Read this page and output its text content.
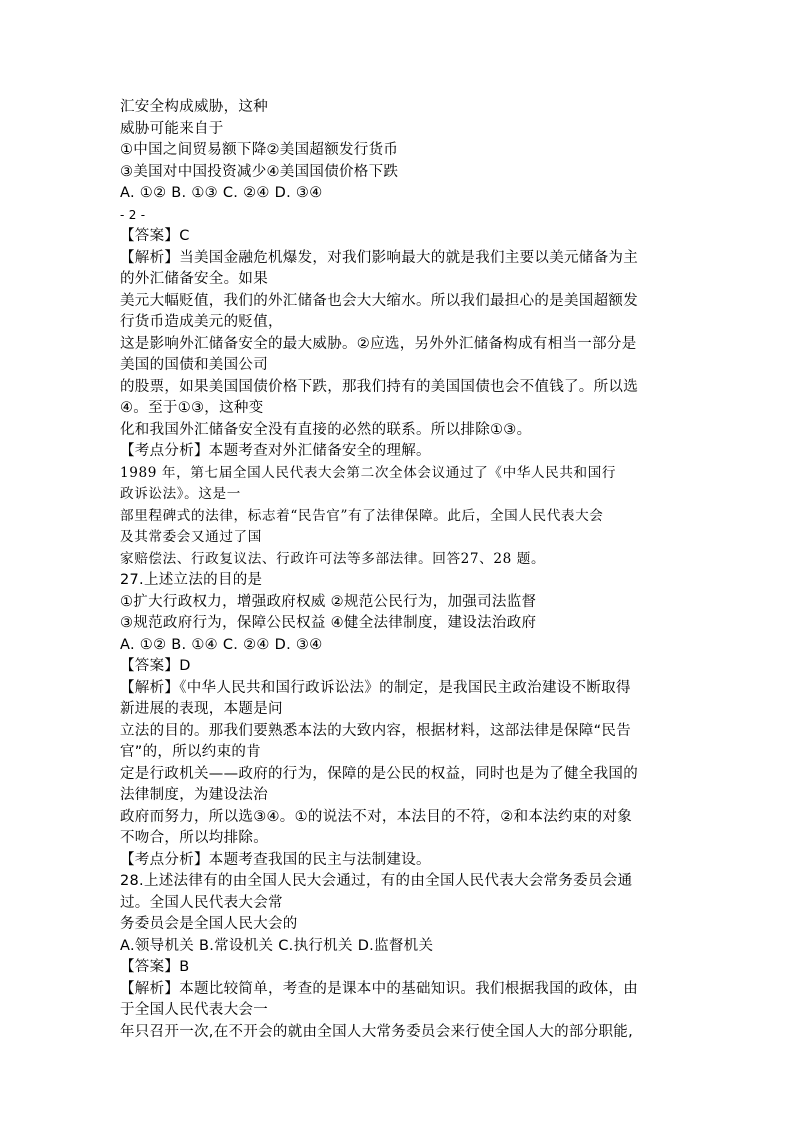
汇安全构成威胁，这种
威胁可能来自于
①中国之间贸易额下降②美国超额发行货币
③美国对中国投资减少④美国国债价格下跌
A. ①② B. ①③ C. ②④ D. ③④
- 2 -
【答案】C
【解析】当美国金融危机爆发，对我们影响最大的就是我们主要以美元储备为主
的外汇储备安全。如果
美元大幅贬值，我们的外汇储备也会大大缩水。所以我们最担心的是美国超额发
行货币造成美元的贬值，
这是影响外汇储备安全的最大威胁。②应选，另外外汇储备构成有相当一部分是
美国的国债和美国公司
的股票，如果美国国债价格下跌，那我们持有的美国国债也会不值钱了。所以选
④。至于①③，这种变
化和我国外汇储备安全没有直接的必然的联系。所以排除①③。
【考点分析】本题考查对外汇储备安全的理解。
1989 年，第七届全国人民代表大会第二次全体会议通过了《中华人民共和国行
政诉讼法》。这是一
部里程碑式的法律，标志着“民告官”有了法律保障。此后，全国人民代表大会
及其常委会又通过了国
家赔偿法、行政复议法、行政许可法等多部法律。回答27、28 题。
27.上述立法的目的是
①扩大行政权力，增强政府权威 ②规范公民行为，加强司法监督
③规范政府行为，保障公民权益 ④健全法律制度，建设法治政府
A. ①② B. ①④ C. ②④ D. ③④
【答案】D
【解析】《中华人民共和国行政诉讼法》的制定，是我国民主政治建设不断取得
新进展的表现，本题是问
立法的目的。那我们要熟悉本法的大致内容，根据材料，这部法律是保障“民告
官”的，所以约束的肯
定是行政机关——政府的行为，保障的是公民的权益，同时也是为了健全我国的
法律制度，为建设法治
政府而努力，所以选③④。①的说法不对，本法目的不符，②和本法约束的对象
不吻合，所以均排除。
【考点分析】本题考查我国的民主与法制建设。
28.上述法律有的由全国人民大会通过，有的由全国人民代表大会常务委员会通
过。全国人民代表大会常
务委员会是全国人民大会的
A.领导机关 B.常设机关 C.执行机关 D.监督机关
【答案】B
【解析】本题比较简单，考查的是课本中的基础知识。我们根据我国的政体，由
于全国人民代表大会一
年只召开一次,在不开会的就由全国人大常务委员会来行使全国人大的部分职能,
